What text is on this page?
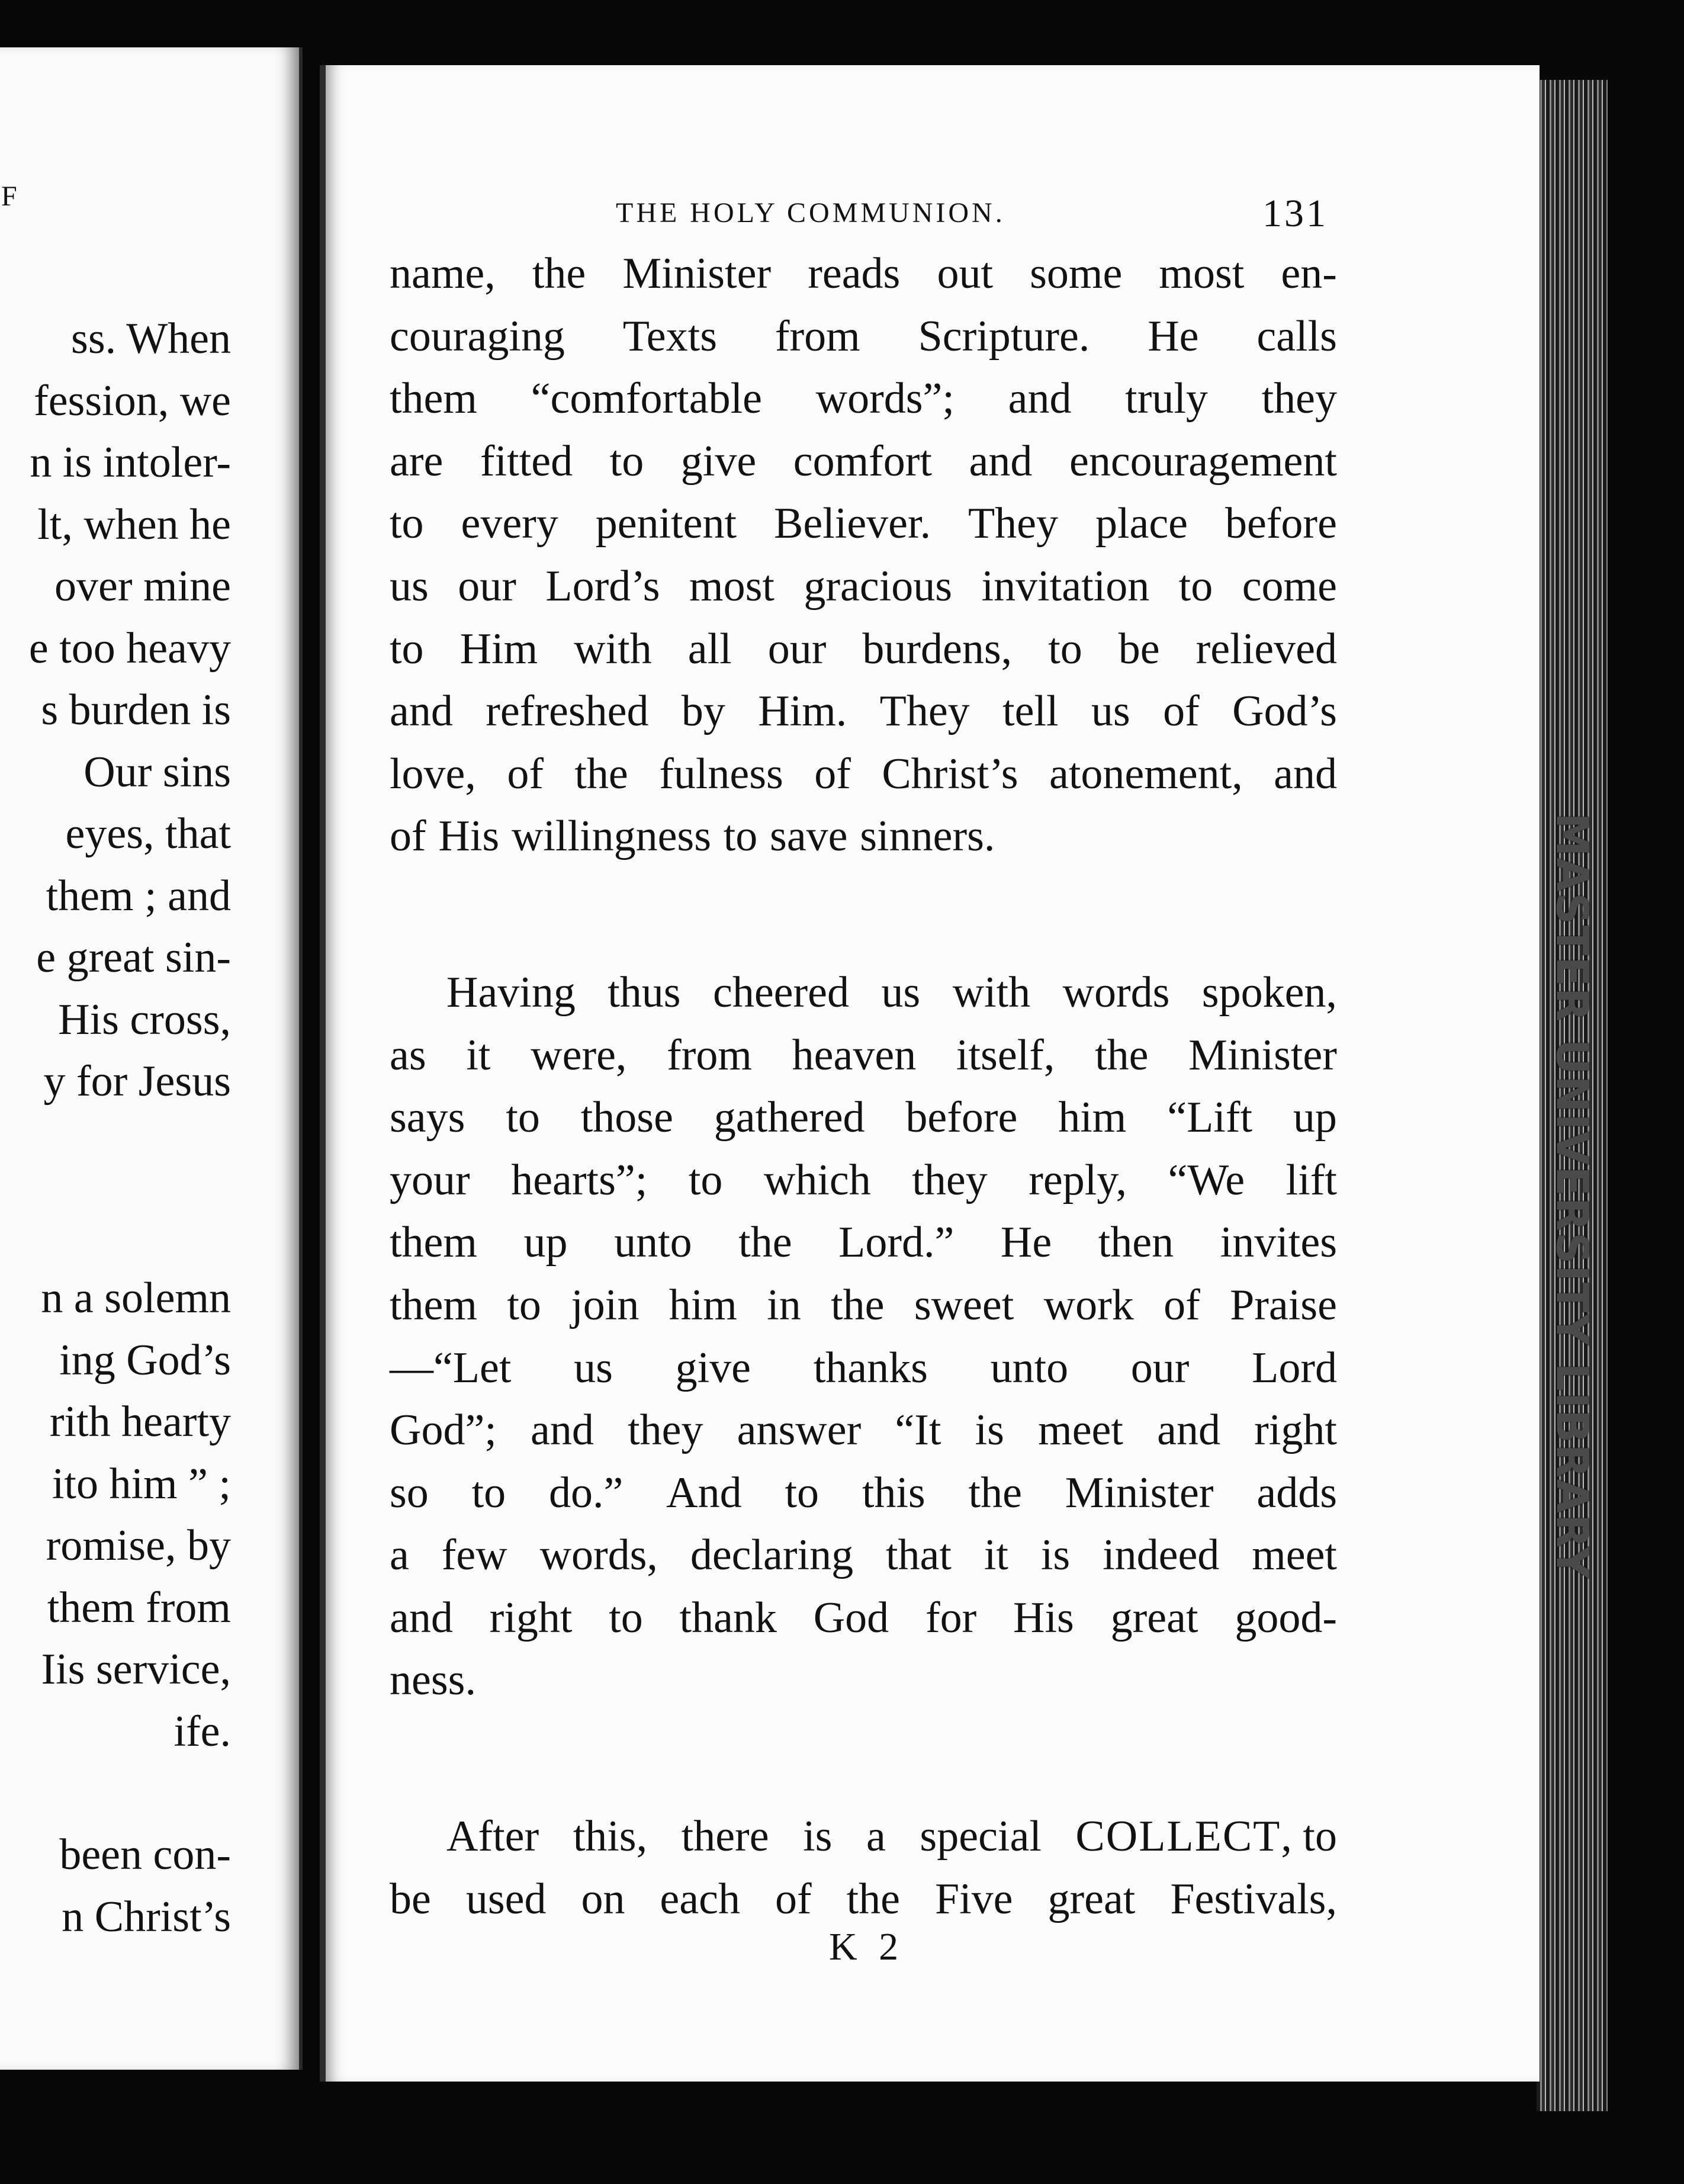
F
ss. When
fession, we
n is intoler-
lt, when he
over mine
e too heavy
s burden is
Our sins
eyes, that
them ; and
e great sin-
His cross,
y for Jesus
n a solemn
ing God’s
rith hearty
ito him ” ;
romise, by
them from
Iis service,
ife.
been con-
n Christ’s
MASTER UNIVERSITY LIBRARY
THE HOLY COMMUNION.	131
name, the Minister reads out some most en-
couraging Texts from Scripture. He calls
them “comfortable words”; and truly they
are fitted to give comfort and encouragement
to every penitent Believer. They place before
us our Lord’s most gracious invitation to come
to Him with all our burdens, to be relieved
and refreshed by Him. They tell us of God’s
love, of the fulness of Christ’s atonement, and
of His willingness to save sinners.
Having thus cheered us with words spoken,
as it were, from heaven itself, the Minister
says to those gathered before him “Lift up
your hearts”; to which they reply, “We lift
them up unto the Lord.” He then invites
them to join him in the sweet work of Praise
—“Let us give thanks unto our Lord
God”; and they answer “It is meet and right
so to do.” And to this the Minister adds
a few words, declaring that it is indeed meet
and right to thank God for His great good-
ness.
After this, there is a special COLLECT, to
be used on each of the Five great Festivals,
K 2
